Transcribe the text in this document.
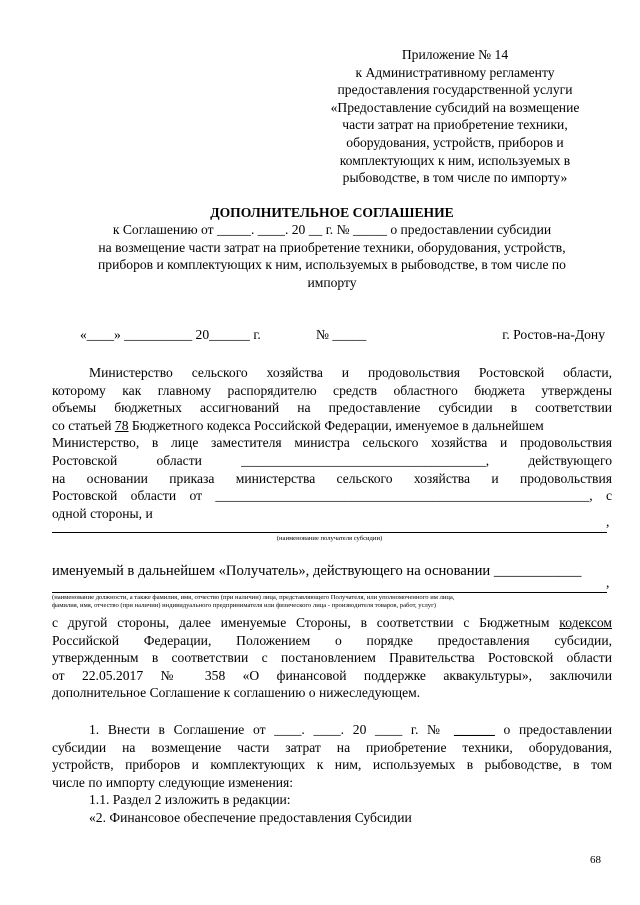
Приложение № 14
к Административному регламенту
предоставления государственной услуги
«Предоставление субсидий на возмещение
части затрат на приобретение техники,
оборудования, устройств, приборов и
комплектующих к ним, используемых в
рыбоводстве, в том числе по импорту»
ДОПОЛНИТЕЛЬНОЕ СОГЛАШЕНИЕ
к Соглашению от _____. ____. 20 __ г. № _____ о предоставлении субсидии
на возмещение части затрат на приобретение техники, оборудования, устройств,
приборов и комплектующих к ним, используемых в рыбоводстве, в том числе по
импорту
«____» __________ 20______ г.	№ _____	г. Ростов-на-Дону
Министерство сельского хозяйства и продовольствия Ростовской области,
которому как главному распорядителю средств областного бюджета утверждены
объемы бюджетных ассигнований на предоставление субсидии в соответствии
со статьей 78 Бюджетного кодекса Российской Федерации, именуемое в дальнейшем
Министерство, в лице заместителя министра сельского хозяйства и продовольствия
Ростовской области ____________________________________, действующего
на основании приказа министерства сельского хозяйства и продовольствия
Ростовской области от _______________________________________________________, с
одной стороны, и
,
(наименование получателя субсидии)
именуемый в дальнейшем «Получатель», действующего на основании ____________
,
(наименование должности, а также фамилия, имя, отчество (при наличии) лица, представляющего Получателя, или уполномоченного им лица,
фамилия, имя, отчество (при наличии) индивидуального предпринимателя или физического лица - производителя товаров, работ, услуг)
с другой стороны, далее именуемые Стороны, в соответствии с Бюджетным кодексом
Российской Федерации, Положением о порядке предоставления субсидии,
утвержденным в соответствии с постановлением Правительства Ростовской области
от 22.05.2017 № 358 «О финансовой поддержке аквакультуры», заключили
дополнительное Соглашение к соглашению о нижеследующем.
1. Внести в Соглашение от ____. ____. 20 ____ г. № ______ о предоставлении
субсидии на возмещение части затрат на приобретение техники, оборудования,
устройств, приборов и комплектующих к ним, используемых в рыбоводстве, в том
числе по импорту следующие изменения:
1.1. Раздел 2 изложить в редакции:
«2. Финансовое обеспечение предоставления Субсидии
68
